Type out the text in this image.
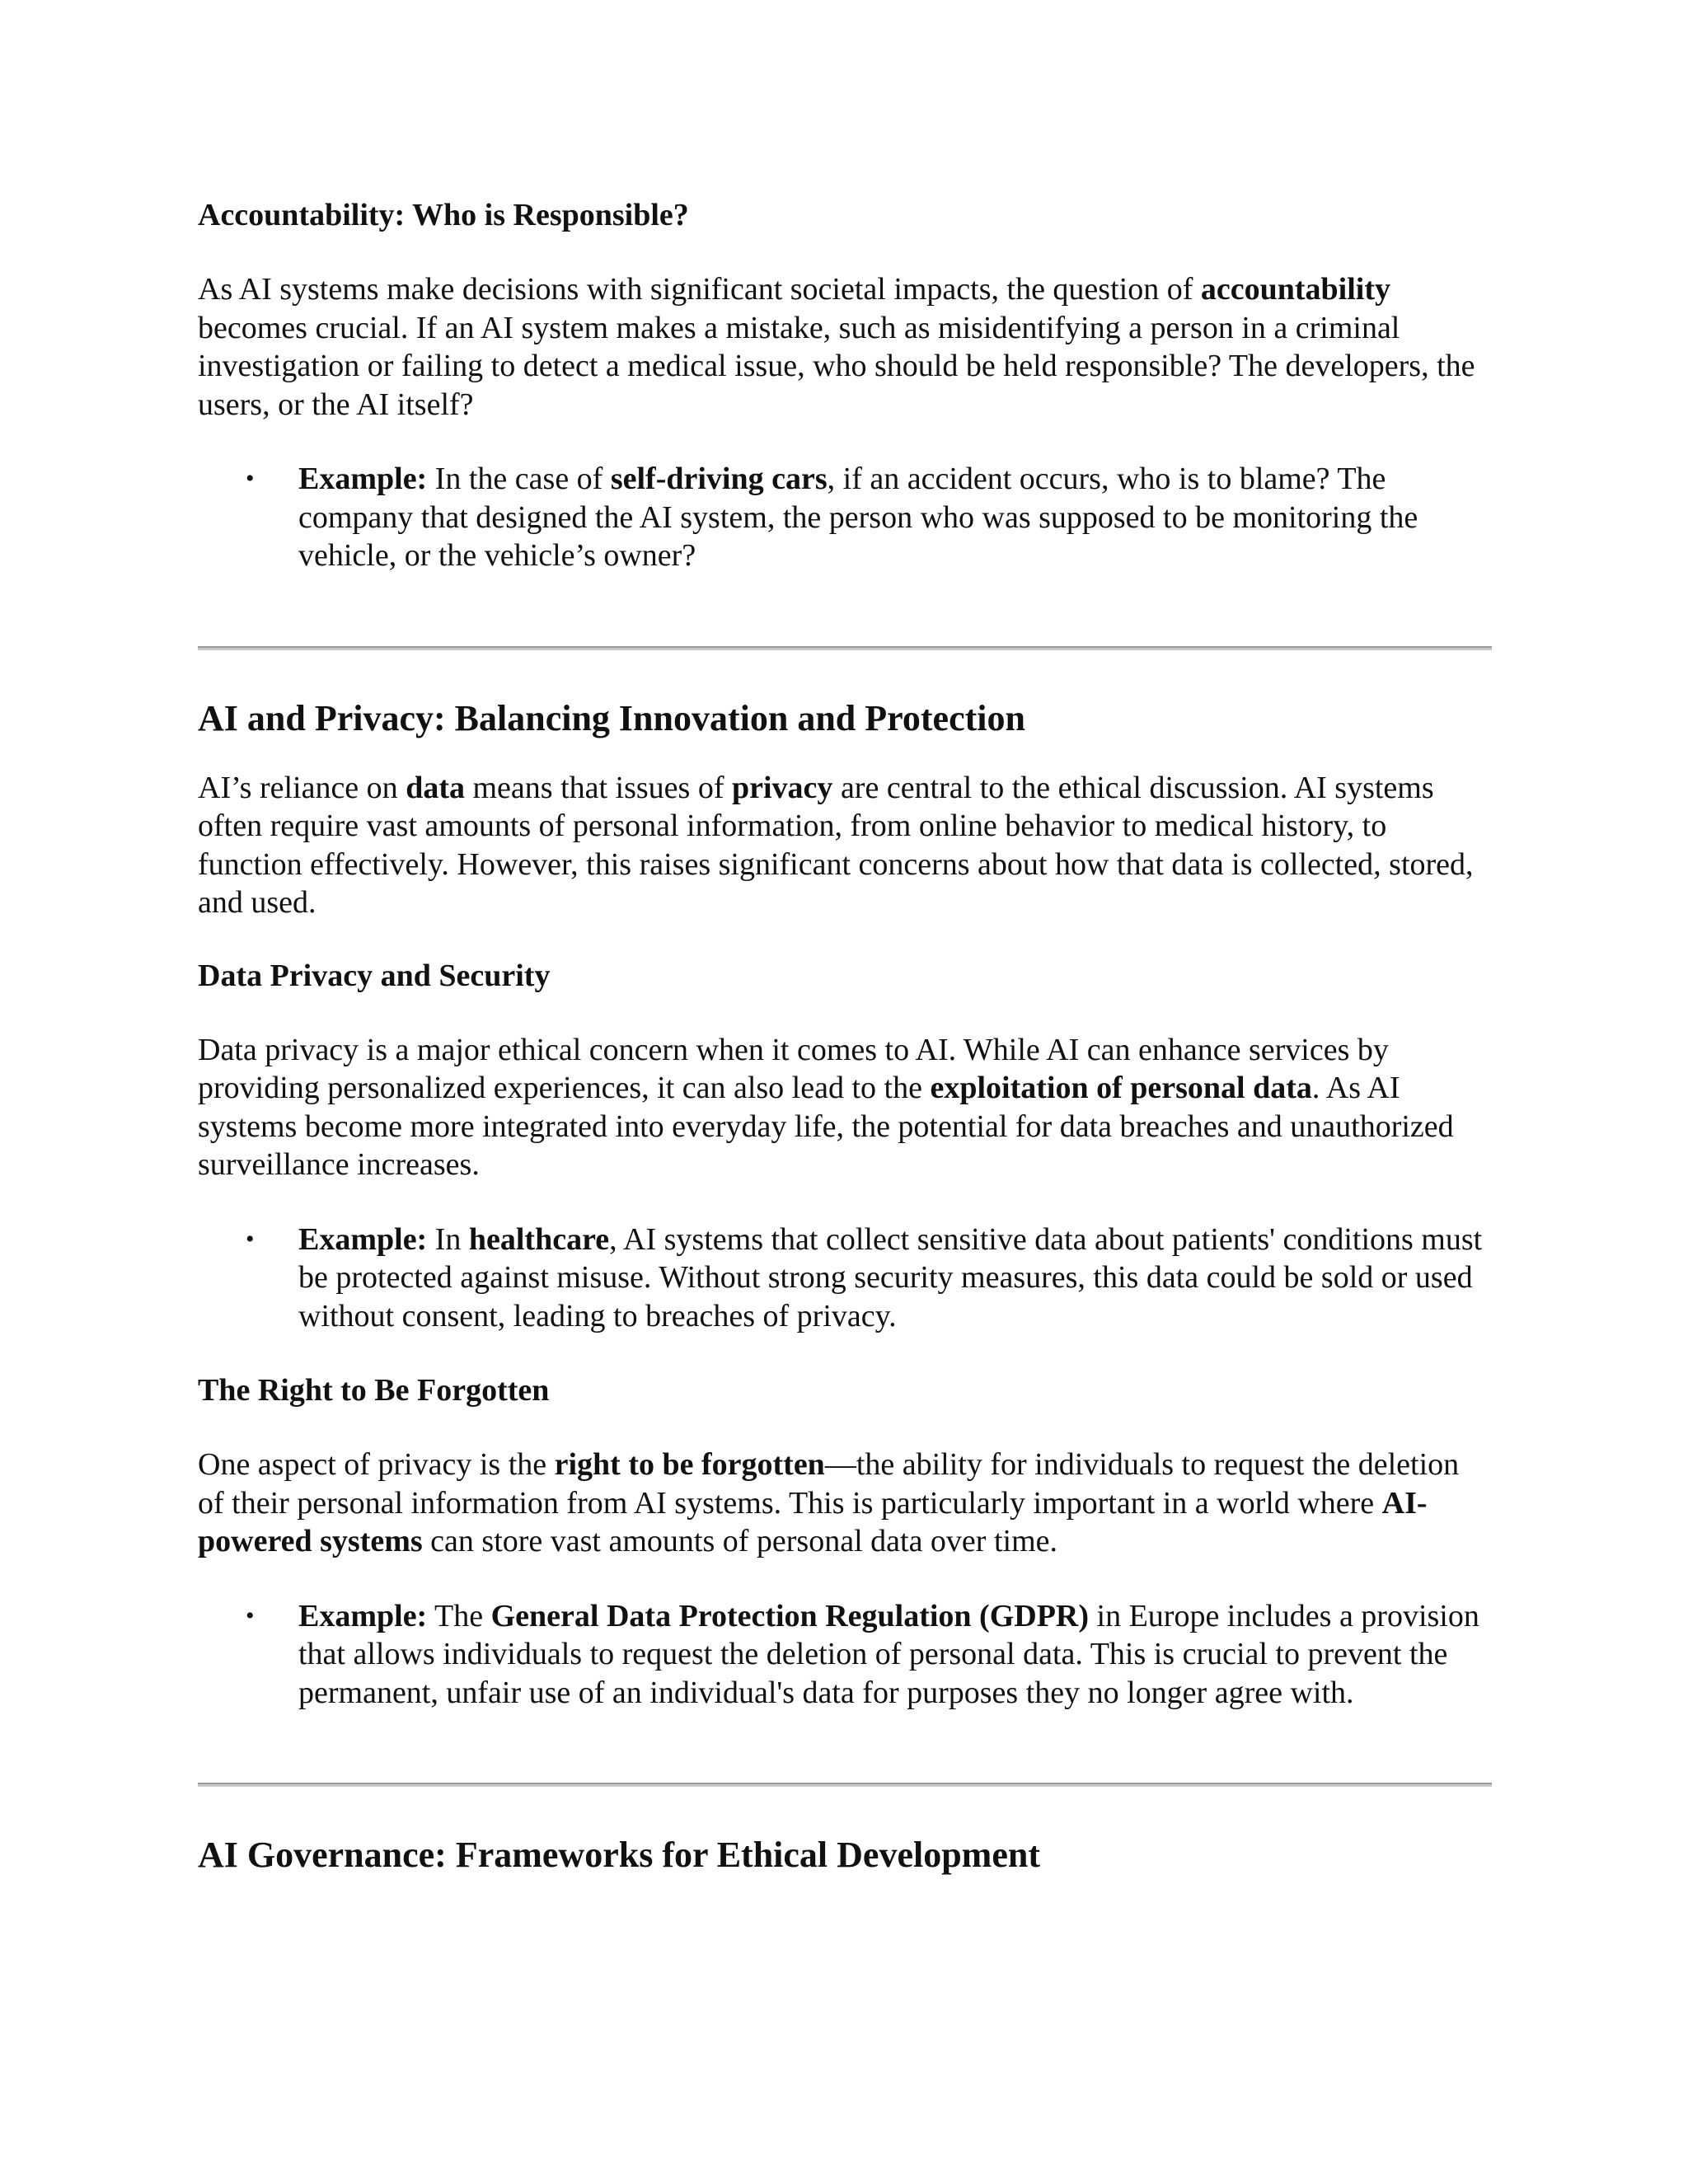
Accountability: Who is Responsible?

As AI systems make decisions with significant societal impacts, the question of accountability becomes crucial. If an AI system makes a mistake, such as misidentifying a person in a criminal investigation or failing to detect a medical issue, who should be held responsible? The developers, the users, or the AI itself?

• Example: In the case of self-driving cars, if an accident occurs, who is to blame? The company that designed the AI system, the person who was supposed to be monitoring the vehicle, or the vehicle’s owner?
AI and Privacy: Balancing Innovation and Protection

AI’s reliance on data means that issues of privacy are central to the ethical discussion. AI systems often require vast amounts of personal information, from online behavior to medical history, to function effectively. However, this raises significant concerns about how that data is collected, stored, and used.

Data Privacy and Security

Data privacy is a major ethical concern when it comes to AI. While AI can enhance services by providing personalized experiences, it can also lead to the exploitation of personal data. As AI systems become more integrated into everyday life, the potential for data breaches and unauthorized surveillance increases.

• Example: In healthcare, AI systems that collect sensitive data about patients' conditions must be protected against misuse. Without strong security measures, this data could be sold or used without consent, leading to breaches of privacy.
The Right to Be Forgotten

One aspect of privacy is the right to be forgotten—the ability for individuals to request the deletion of their personal information from AI systems. This is particularly important in a world where AI-powered systems can store vast amounts of personal data over time.

• Example: The General Data Protection Regulation (GDPR) in Europe includes a provision that allows individuals to request the deletion of personal data. This is crucial to prevent the permanent, unfair use of an individual's data for purposes they no longer agree with.
AI Governance: Frameworks for Ethical Development
